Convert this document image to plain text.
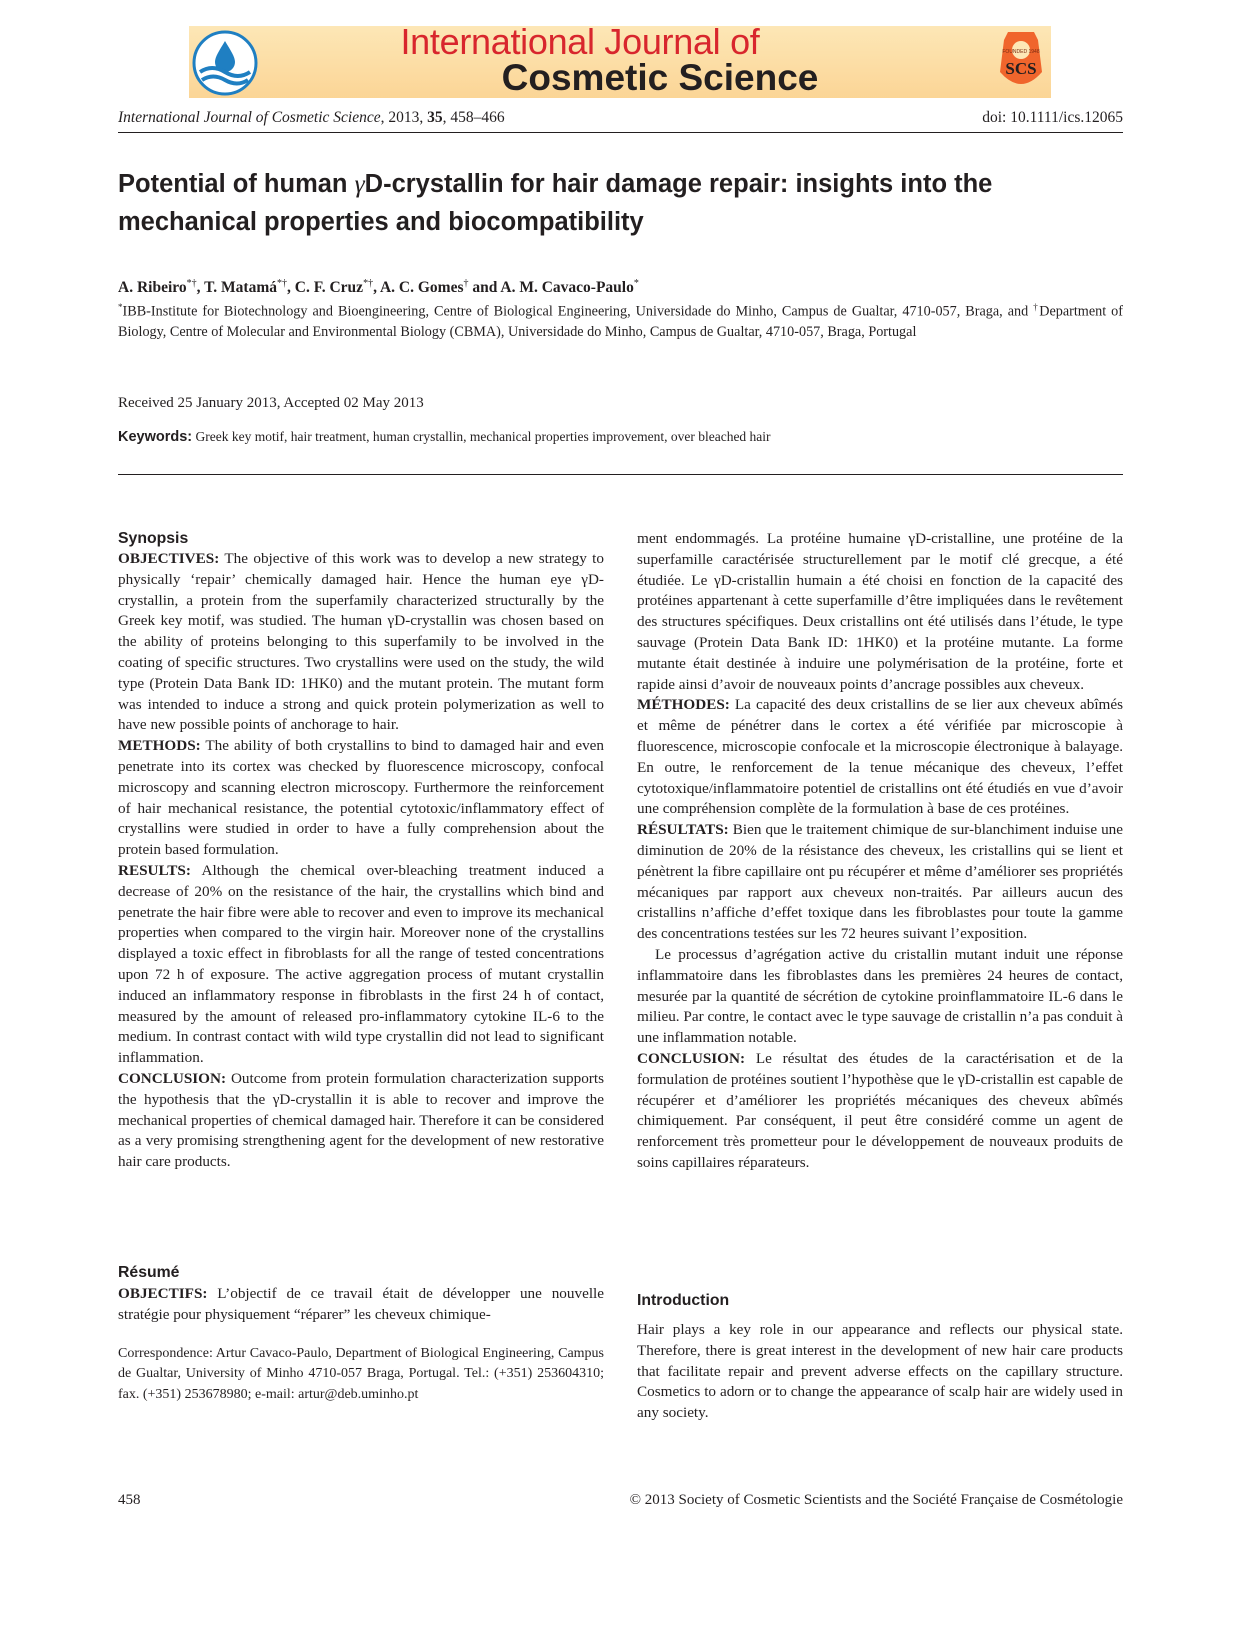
International Journal of
Cosmetic Science
FOUNDED 1948
SCS
International Journal of Cosmetic Science, 2013, 35, 458–466	doi: 10.1111/ics.12065
Potential of human γD-crystallin for hair damage repair: insights into the mechanical properties and biocompatibility
A. Ribeiro*†, T. Matamá*†, C. F. Cruz*†, A. C. Gomes† and A. M. Cavaco-Paulo*
*IBB-Institute for Biotechnology and Bioengineering, Centre of Biological Engineering, Universidade do Minho, Campus de Gualtar, 4710-057, Braga, and †Department of Biology, Centre of Molecular and Environmental Biology (CBMA), Universidade do Minho, Campus de Gualtar, 4710-057, Braga, Portugal
Received 25 January 2013, Accepted 02 May 2013
Keywords: Greek key motif, hair treatment, human crystallin, mechanical properties improvement, over bleached hair
Synopsis

OBJECTIVES: The objective of this work was to develop a new strategy to physically ‘repair’ chemically damaged hair. Hence the human eye γD-crystallin, a protein from the superfamily characterized structurally by the Greek key motif, was studied. The human γD-crystallin was chosen based on the ability of proteins belonging to this superfamily to be involved in the coating of specific structures. Two crystallins were used on the study, the wild type (Protein Data Bank ID: 1HK0) and the mutant protein. The mutant form was intended to induce a strong and quick protein polymerization as well to have new possible points of anchorage to hair.

METHODS: The ability of both crystallins to bind to damaged hair and even penetrate into its cortex was checked by fluorescence microscopy, confocal microscopy and scanning electron microscopy. Furthermore the reinforcement of hair mechanical resistance, the potential cytotoxic/inflammatory effect of crystallins were studied in order to have a fully comprehension about the protein based formulation.

RESULTS: Although the chemical over-bleaching treatment induced a decrease of 20% on the resistance of the hair, the crystallins which bind and penetrate the hair fibre were able to recover and even to improve its mechanical properties when compared to the virgin hair. Moreover none of the crystallins displayed a toxic effect in fibroblasts for all the range of tested concentrations upon 72 h of exposure. The active aggregation process of mutant crystallin induced an inflammatory response in fibroblasts in the first 24 h of contact, measured by the amount of released pro-inflammatory cytokine IL-6 to the medium. In contrast contact with wild type crystallin did not lead to significant inflammation.

CONCLUSION: Outcome from protein formulation characterization supports the hypothesis that the γD-crystallin it is able to recover and improve the mechanical properties of chemical damaged hair. Therefore it can be considered as a very promising strengthening agent for the development of new restorative hair care products.

Résumé

OBJECTIFS: L’objectif de ce travail était de développer une nouvelle stratégie pour physiquement “réparer” les cheveux chimique-

Correspondence: Artur Cavaco-Paulo, Department of Biological Engineering, Campus de Gualtar, University of Minho 4710-057 Braga, Portugal. Tel.: (+351) 253604310; fax. (+351) 253678980; e-mail: artur@deb.uminho.pt

ment endommagés. La protéine humaine γD-cristalline, une protéine de la superfamille caractérisée structurellement par le motif clé grecque, a été étudiée. Le γD-cristallin humain a été choisi en fonction de la capacité des protéines appartenant à cette superfamille d’être impliquées dans le revêtement des structures spécifiques. Deux cristallins ont été utilisés dans l’étude, le type sauvage (Protein Data Bank ID: 1HK0) et la protéine mutante. La forme mutante était destinée à induire une polymérisation de la protéine, forte et rapide ainsi d’avoir de nouveaux points d’ancrage possibles aux cheveux.

MÉTHODES: La capacité des deux cristallins de se lier aux cheveux abîmés et même de pénétrer dans le cortex a été vérifiée par microscopie à fluorescence, microscopie confocale et la microscopie électronique à balayage. En outre, le renforcement de la tenue mécanique des cheveux, l’effet cytotoxique/inflammatoire potentiel de cristallins ont été étudiés en vue d’avoir une compréhension complète de la formulation à base de ces protéines.

RÉSULTATS: Bien que le traitement chimique de sur-blanchiment induise une diminution de 20% de la résistance des cheveux, les cristallins qui se lient et pénètrent la fibre capillaire ont pu récupérer et même d’améliorer ses propriétés mécaniques par rapport aux cheveux non-traités. Par ailleurs aucun des cristallins n’affiche d’effet toxique dans les fibroblastes pour toute la gamme des concentrations testées sur les 72 heures suivant l’exposition.

Le processus d’agrégation active du cristallin mutant induit une réponse inflammatoire dans les fibroblastes dans les premières 24 heures de contact, mesurée par la quantité de sécrétion de cytokine proinflammatoire IL-6 dans le milieu. Par contre, le contact avec le type sauvage de cristallin n’a pas conduit à une inflammation notable.

CONCLUSION: Le résultat des études de la caractérisation et de la formulation de protéines soutient l’hypothèse que le γD-cristallin est capable de récupérer et d’améliorer les propriétés mécaniques des cheveux abîmés chimiquement. Par conséquent, il peut être considéré comme un agent de renforcement très prometteur pour le développement de nouveaux produits de soins capillaires réparateurs.

Introduction
Hair plays a key role in our appearance and reflects our physical state. Therefore, there is great interest in the development of new hair care products that facilitate repair and prevent adverse effects on the capillary structure. Cosmetics to adorn or to change the appearance of scalp hair are widely used in any society.
458	© 2013 Society of Cosmetic Scientists and the Société Française de Cosmétologie
